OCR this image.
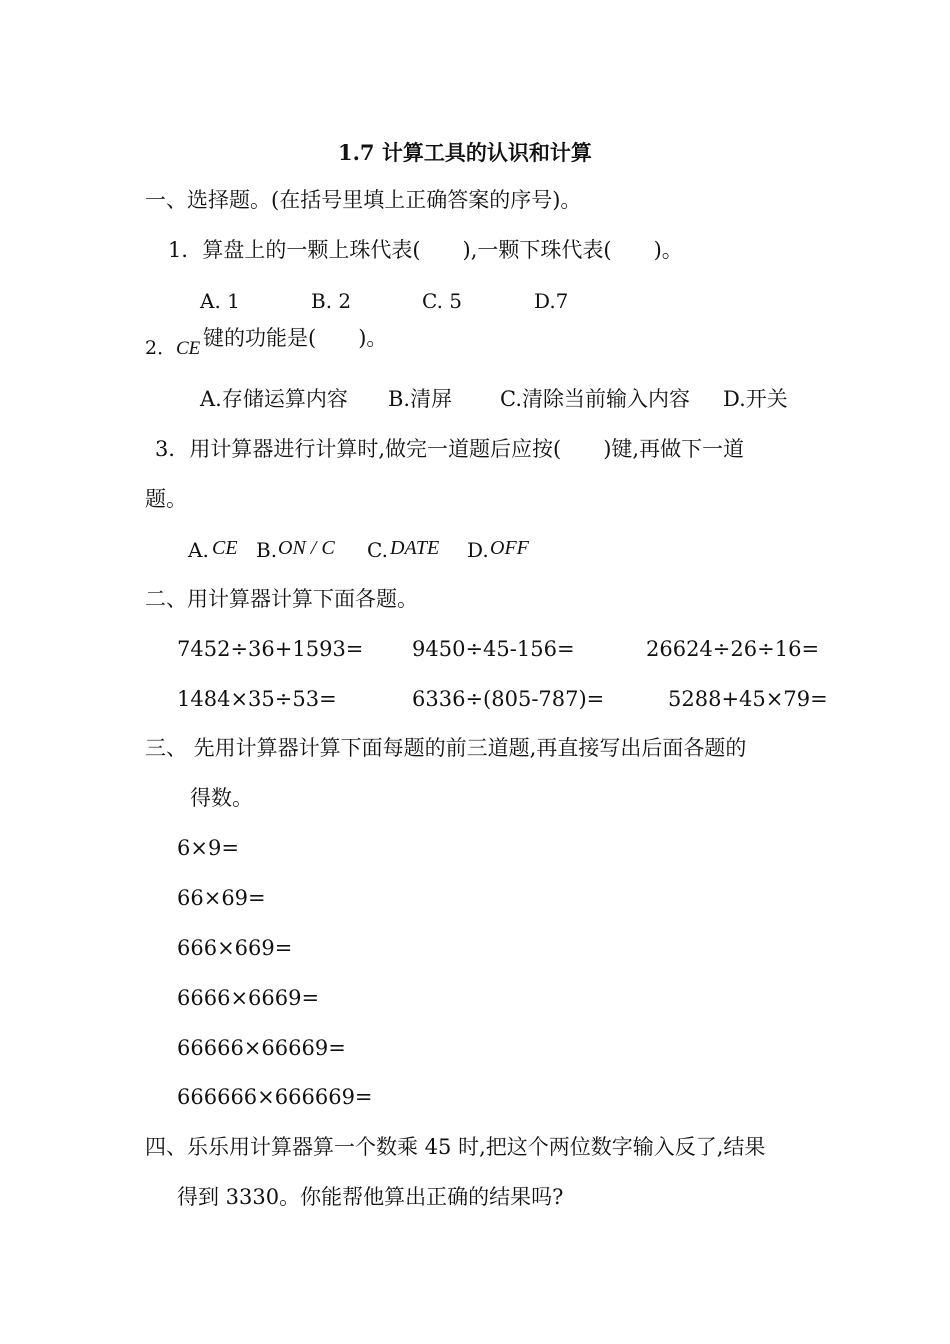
1.7 计算工具的认识和计算
一、选择题。(在括号里填上正确答案的序号)。
1．算盘上的一颗上珠代表(　　),一颗下珠代表(　　)。
A. 1	B. 2	C. 5	D.7
2． CE 键的功能是(　　)。
A.存储运算内容 B.清屏 C.清除当前输入内容 D.开关
3．用计算器进行计算时,做完一道题后应按(　　)键,再做下一道
题。
A. CE B. ON / C C. DATE D. OFF
二、用计算器计算下面各题。
7452÷36+1593= 9450÷45-156=	26624÷26÷16=
1484×35÷53=	6336÷(805-787)=	5288+45×79=
三、 先用计算器计算下面每题的前三道题,再直接写出后面各题的
得数。
6×9=
66×69=
666×669=
6666×6669=
66666×66669=
666666×666669=
四、乐乐用计算器算一个数乘 45 时,把这个两位数字输入反了,结果
得到 3330。你能帮他算出正确的结果吗?
